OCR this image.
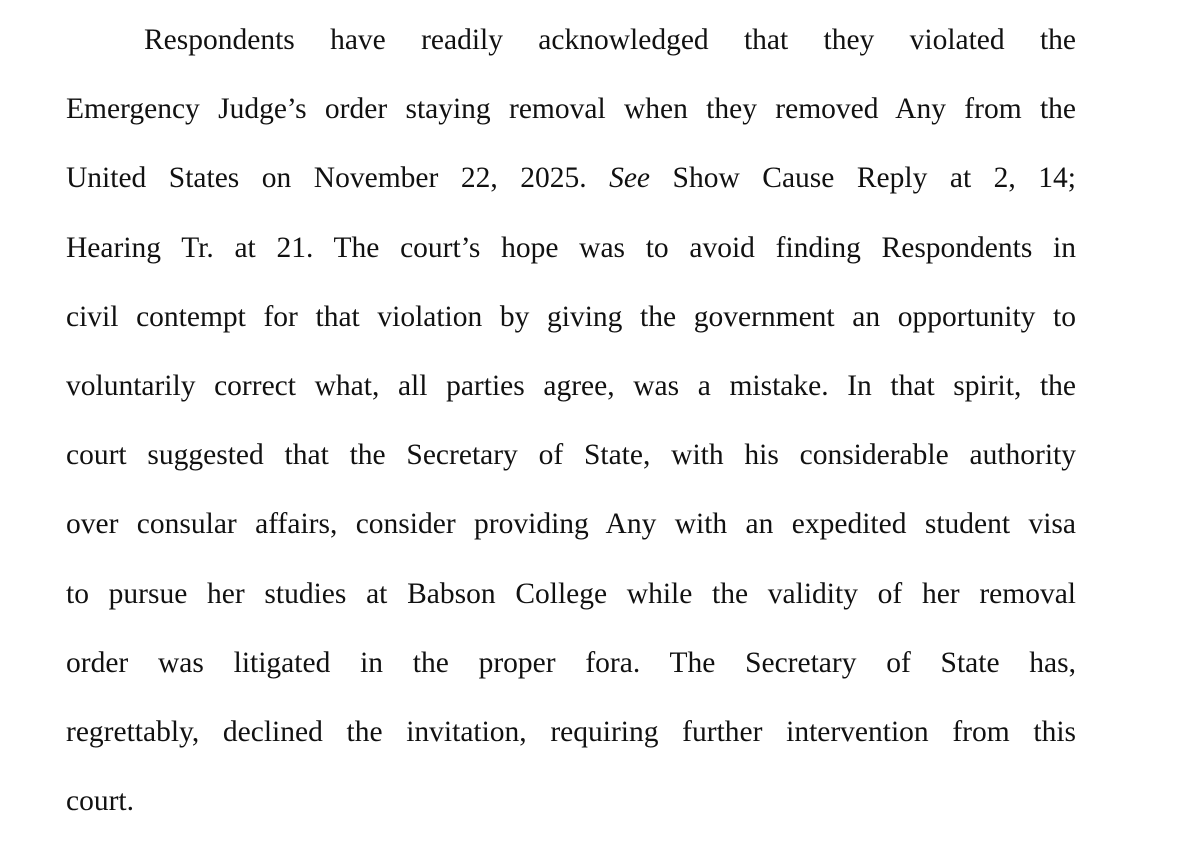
Respondents have readily acknowledged that they violated the
Emergency Judge’s order staying removal when they removed Any from the
United States on November 22, 2025. See Show Cause Reply at 2, 14;
Hearing Tr. at 21. The court’s hope was to avoid finding Respondents in
civil contempt for that violation by giving the government an opportunity to
voluntarily correct what, all parties agree, was a mistake. In that spirit, the
court suggested that the Secretary of State, with his considerable authority
over consular affairs, consider providing Any with an expedited student visa
to pursue her studies at Babson College while the validity of her removal
order was litigated in the proper fora. The Secretary of State has,
regrettably, declined the invitation, requiring further intervention from this
court.
